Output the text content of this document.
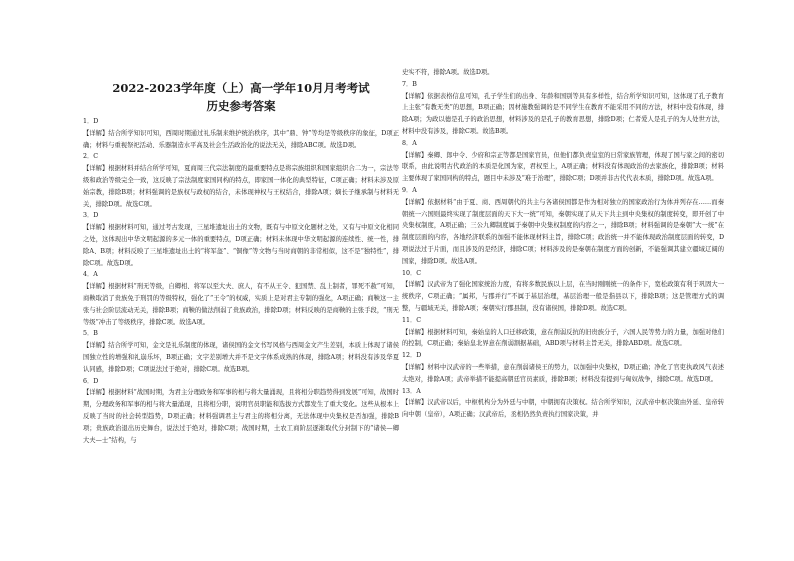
2022-2023学年度（上）高一学年10月月考考试
历史参考答案
1．D
【详解】结合所学知识可知，西周时期通过礼乐制来维护统治秩序，其中“鼎、钟”等均是等级秩序的象征，D项正确；材料与重视祭祀活动、乐器制造水平高及社会生活政治化的说法无关，排除ABC项。故选D项。
2．C
【详解】根据材料并结合所学可知，夏商周三代宗法制度的最重要特点是将宗族组织和国家组织合二为一，宗法等级和政治等级完全一致，这反映了宗法制度家国同构的特点，即家国一体化的典型特征，C项正确；材料未涉及原始宗教，排除B项；材料强调的是族权与政权的结合，未体现神权与王权结合，排除A项；嫡长子继承制与材料无关，排除D项。故选C项。
3．D
【详解】根据材料可知，通过考古发现，三星堆遗址出土的文物，既有与中原文化题材之处，又有与中原文化相同之处，这体现出中华文明起源的多元一体的重要特点，D项正确；材料未体现中华文明起源的连续性、统一性，排除A、B项；材料反映了三星堆遗址出土的“将军盔”、“铜像”等文物与当时商朝的非常相似，这不是“独特性”，排除C项。故选D项。
4．A
【详解】根据材料“刑无等级，自卿相、将军以至大夫、庶人，有不从王令、犯国禁、乱上制者，罪死不赦”可知，商鞅取消了贵族免于刑罚的等级特权，强化了“王令”的权威，实质上是对君主专制的强化，A项正确；商鞅这一主张与社会阶层流动无关，排除B项；商鞅的做法削弱了贵族政治，排除D项；材料反映的是商鞅的主张手段，“刑无等级”冲击了等级秩序，排除C项。故选A项。
5．B
【详解】结合所学可知，金文是礼乐制度的体现，诸侯国的金文书写风格与西周金文产生差别，本质上体现了诸侯国独立性的增强和礼崩乐坏，B项正确；文字差别增大并不是文字体系成熟的体现，排除A项；材料没有涉及华夏认同感，排除D项；C项说法过于绝对，排除C项。故选B项。
6．D
【详解】根据材料“战国时期，为君主分理政务和军事的相与将大量涌现，且将相分职趋势得到发展”可知，战国时期，分理政务和军事的相与将大量涌现，且将相分职，说明官员职能和选拔方式都发生了重大变化。这些从根本上反映了当时的社会转型趋势，D项正确；材料强调君主与君主的将相分离，无法体现中央集权是否加强，排除B项；贵族政治退出历史舞台，说法过于绝对，排除C项；战国时期，土农工商阶层逐渐取代分封制下的“诸侯—卿大夫—士”结构，与
史实不符，排除A项。故选D项。
7．B
【详解】依据表格信息可知，孔子学生们的出身、年龄和国别等具有多样性，结合所学知识可知，这体现了孔子教育上主张“有教无类”的思想，B项正确；因材施教强调的是不同学生在教育不能采用不同的方法，材料中没有体现，排除A项；为政以德是孔子的政治思想，材料涉及的是孔子的教育思想，排除D项；仁者爱人是孔子的为人处世方法，材料中没有涉及，排除C项。故选B项。
8．A
【详解】秦卿、郎中令、少府和宗正等都是国家官员，但他们都负责皇室的日常家族管理，体现了国与家之间的密切联系，由此说明古代政治的本质是化国为家，君权至上，A项正确；材料没有体现政治的去家族化，排除B项；材料主要体现了家国同构的特点，题目中未涉及“难于治理”，排除C项；D项并非古代代表本质，排除D项。故选A项。
9．A
【详解】依据材料“由于夏、商、西周朝代的共主与各诸侯国都是作为相对独立的国家政治行为体并列存在……而秦朝统一六国则最终实现了制度层面的天下大一统”可知，秦朝实现了从天下共主到中央集权的制度转变，即开创了中央集权制度，A项正确；三公九卿制度属于秦朝中央集权制度的内容之一，排除B项；材料强调的是秦朝“大一统”在制度层面的内容，各地经济联系的加强不能体现材料主旨，排除C项；政治统一并不能体现政治制度层面的转变，D项说法过于片面，而且涉及的是经济，排除C项；材料涉及的是秦朝在制度方面的创新，不能强调其建立疆域辽阔的国家，排除D项。故选A项。
10．C
【详解】汉武帝为了强化国家统治力度，有将多数民族以上层，在当时刚刚统一的条件下，宽松政策有利于巩固大一统秩序，C项正确；“属邦，与郡并行”不属于基层治理，基层治理一般是指县以下，排除B项；这是管理方式的调整，与疆域无关，排除A项；秦朝实行郡县制，没有诸侯国，排除D项。故选C项。
11．C
【详解】根据材料可知，秦始皇的人口迁移政策，意在削弱反抗的旧贵族分子，六国人民等势力的力量，加强对他们的控制，C项正确；秦始皇北界意在削弱割据基础，ABD项与材料主旨无关，排除ABD项。故选C项。
12．D
【详解】材料中汉武帝的一些举措，意在削弱诸侯王的势力，以加强中央集权，D项正确；净化了官吏执政风气表述太绝对，排除A项；武帝举措不能提高朝廷官员素质，排除B项；材料没有提到与匈奴战争，排除C项。故选D项。
13．A
【详解】汉武帝以后，中枢机构分为外廷与中朝，中朝拥有决策权。结合所学知识，汉武帝中枢决策由外延、皇帝转向中朝（皇帝），A项正确；汉武帝后，丞相仍然负责执行国家决策，并
